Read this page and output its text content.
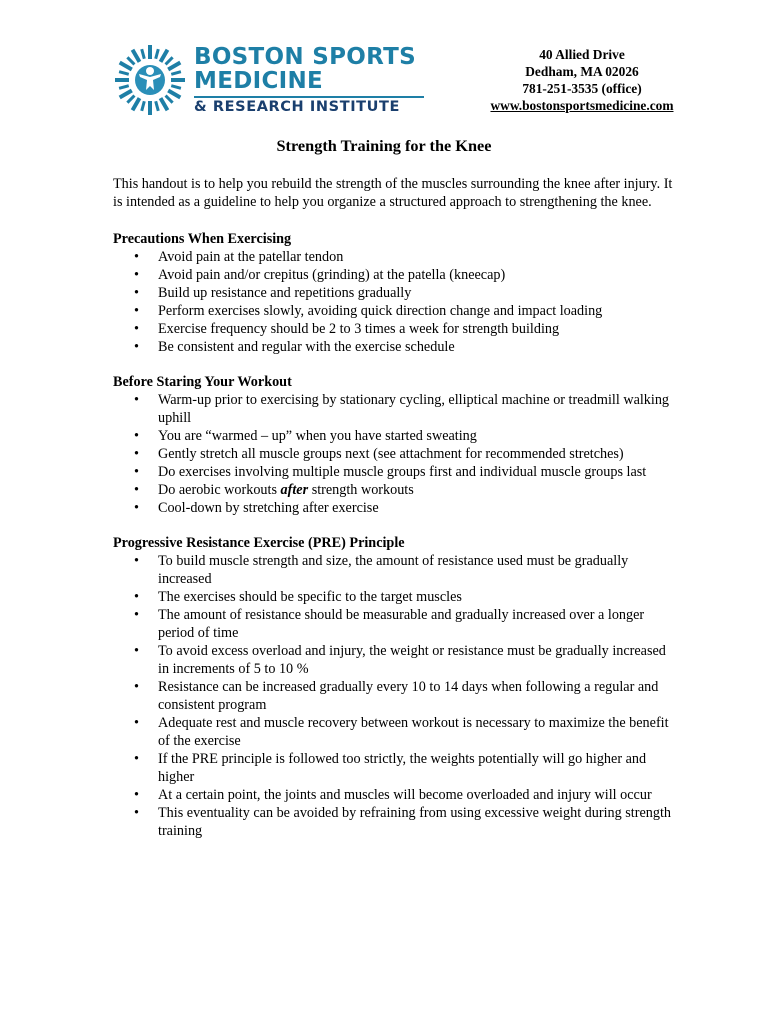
BOSTON SPORTS
MEDICINE
& RESEARCH INSTITUTE
40 Allied Drive
Dedham, MA 02026
781-251-3535 (office)
www.bostonsportsmedicine.com
Strength Training for the Knee

This handout is to help you rebuild the strength of the muscles surrounding the knee after injury. It is intended as a guideline to help you organize a structured approach to strengthening the knee.

Precautions When Exercising

• Avoid pain at the patellar tendon
• Avoid pain and/or crepitus (grinding) at the patella (kneecap)
• Build up resistance and repetitions gradually
• Perform exercises slowly, avoiding quick direction change and impact loading
• Exercise frequency should be 2 to 3 times a week for strength building
• Be consistent and regular with the exercise schedule

Before Staring Your Workout

• Warm-up prior to exercising by stationary cycling, elliptical machine or treadmill walking uphill
• You are “warmed – up” when you have started sweating
• Gently stretch all muscle groups next (see attachment for recommended stretches)
• Do exercises involving multiple muscle groups first and individual muscle groups last
• Do aerobic workouts after strength workouts
• Cool-down by stretching after exercise

Progressive Resistance Exercise (PRE) Principle

• To build muscle strength and size, the amount of resistance used must be gradually increased
• The exercises should be specific to the target muscles
• The amount of resistance should be measurable and gradually increased over a longer period of time
• To avoid excess overload and injury, the weight or resistance must be gradually increased in increments of 5 to 10 %
• Resistance can be increased gradually every 10 to 14 days when following a regular and consistent program
• Adequate rest and muscle recovery between workout is necessary to maximize the benefit of the exercise
• If the PRE principle is followed too strictly, the weights potentially will go higher and higher
• At a certain point, the joints and muscles will become overloaded and injury will occur
• This eventuality can be avoided by refraining from using excessive weight during strength training
